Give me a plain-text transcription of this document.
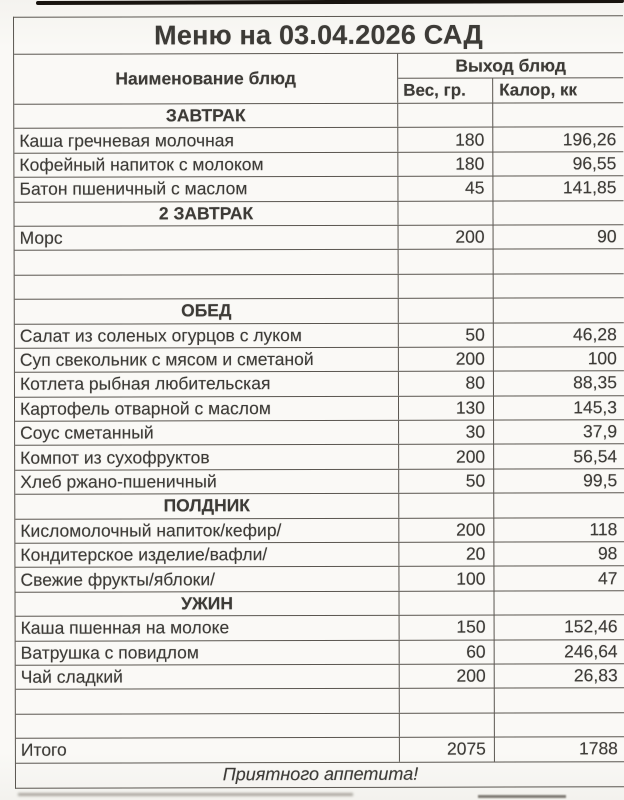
Меню на 03.04.2026 САД
Наименование блюд
Выход блюд
Вес, гр.	Калор, кк
ЗАВТРАК
Каша гречневая молочная	180	196,26
Кофейный напиток с молоком	180	96,55
Батон пшеничный с маслом	45	141,85
2 ЗАВТРАК
Морс	200	90
ОБЕД
Салат из соленых огурцов с луком	50	46,28
Суп свекольник с мясом и сметаной	200	100
Котлета рыбная любительская	80	88,35
Картофель отварной с маслом	130	145,3
Соус сметанный	30	37,9
Компот из сухофруктов	200	56,54
Хлеб ржано-пшеничный	50	99,5
ПОЛДНИК
Кисломолочный напиток/кефир/	200	118
Кондитерское изделие/вафли/	20	98
Свежие фрукты/яблоки/	100	47
УЖИН
Каша пшенная на молоке	150	152,46
Ватрушка с повидлом	60	246,64
Чай сладкий	200	26,83
Итого	2075	1788
Приятного аппетита!
